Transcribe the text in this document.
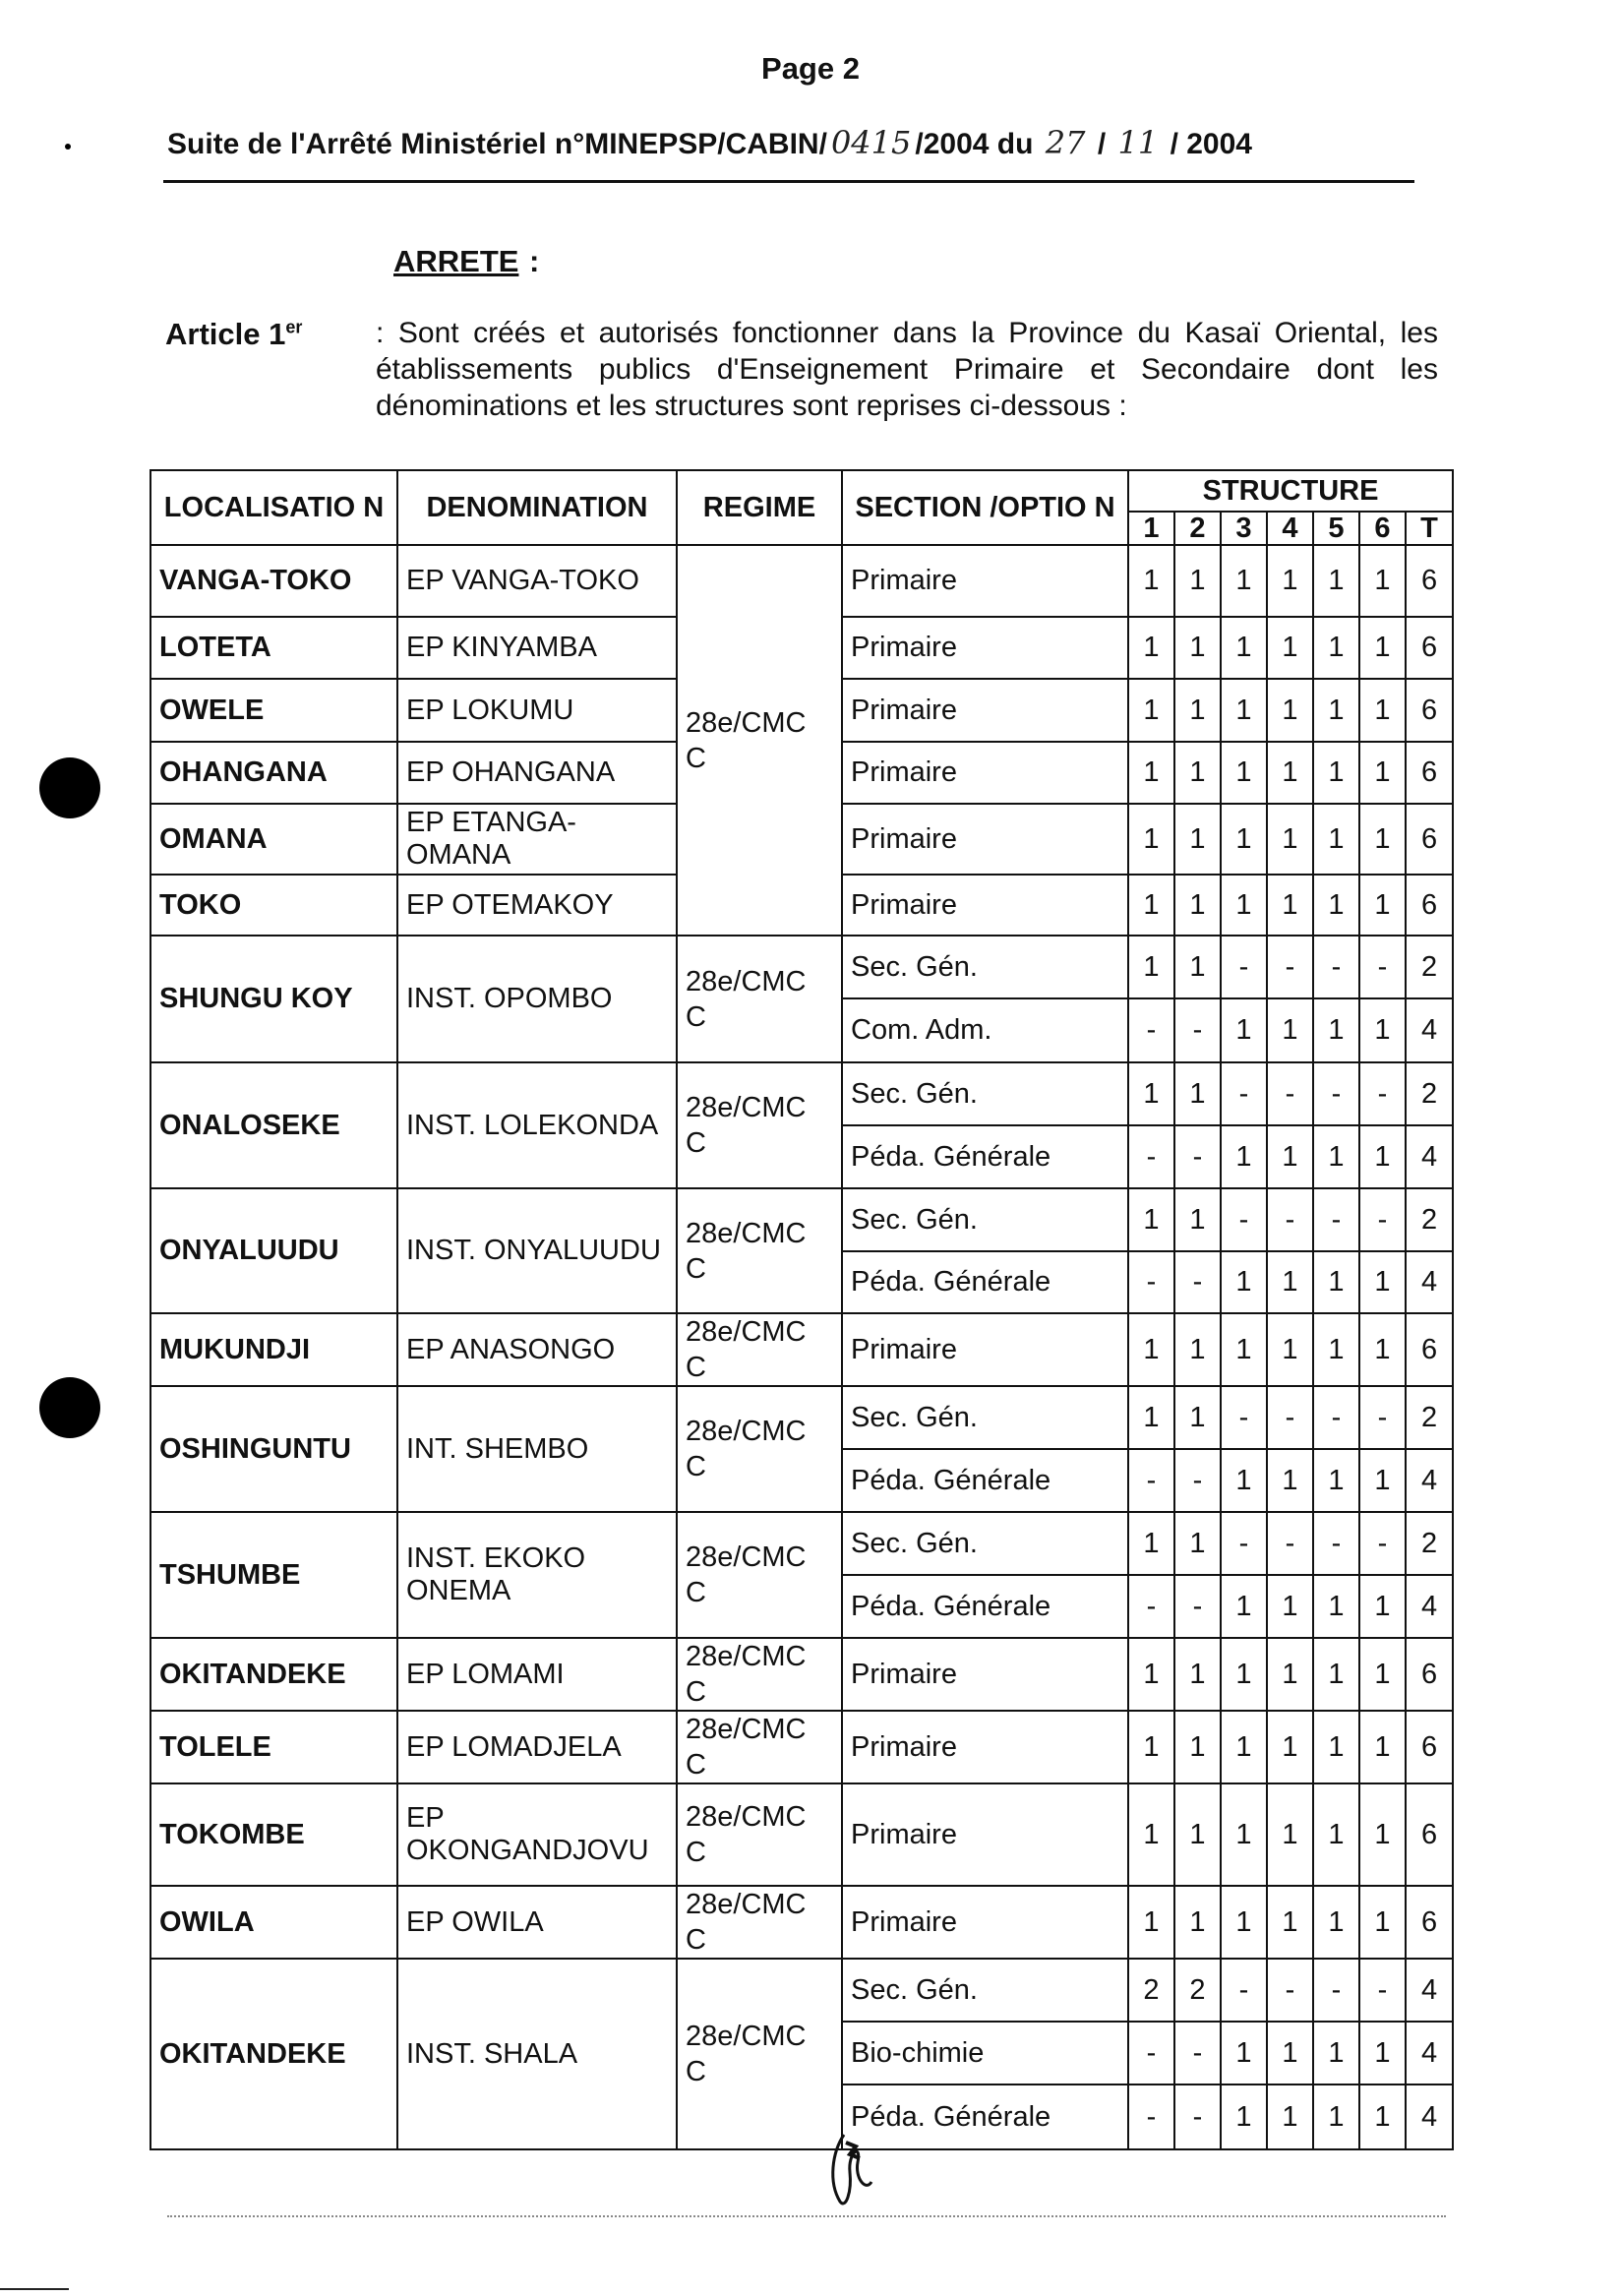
Page 2
Suite de l'Arrêté Ministériel n°MINEPSP/CABIN/ 0415 /2004 du 27 / 11 / 2004
ARRETE :
Article 1er : Sont créés et autorisés fonctionner dans la Province du Kasaï Oriental, les établissements publics d'Enseignement Primaire et Secondaire dont les dénominations et les structures sont reprises ci-dessous :
LOCALISATIO N	DENOMINATION	REGIME	SECTION /OPTIO N	STRUCTURE						
				1	2	3	4	5	6	T
VANGA-TOKO	EP VANGA-TOKO	28e/CMC C	Primaire	1	1	1	1	1	1	6
LOTETA	EP KINYAMBA		Primaire	1	1	1	1	1	1	6
OWELE	EP LOKUMU		Primaire	1	1	1	1	1	1	6
OHANGANA	EP OHANGANA		Primaire	1	1	1	1	1	1	6
OMANA	EP ETANGA-OMANA		Primaire	1	1	1	1	1	1	6
TOKO	EP OTEMAKOY		Primaire	1	1	1	1	1	1	6
SHUNGU KOY	INST. OPOMBO	28e/CMC C	Sec. Gén.	1	1	-	-	-	-	2
			Com. Adm.	-	-	1	1	1	1	4
ONALOSEKE	INST. LOLEKONDA	28e/CMC C	Sec. Gén.	1	1	-	-	-	-	2
			Péda. Générale	-	-	1	1	1	1	4
ONYALUUDU	INST. ONYALUUDU	28e/CMC C	Sec. Gén.	1	1	-	-	-	-	2
			Péda. Générale	-	-	1	1	1	1	4
MUKUNDJI	EP ANASONGO	28e/CMC C	Primaire	1	1	1	1	1	1	6
OSHINGUNTU	INT. SHEMBO	28e/CMC C	Sec. Gén.	1	1	-	-	-	-	2
			Péda. Générale	-	-	1	1	1	1	4
TSHUMBE	INST. EKOKO ONEMA	28e/CMC C	Sec. Gén.	1	1	-	-	-	-	2
			Péda. Générale	-	-	1	1	1	1	4
OKITANDEKE	EP LOMAMI	28e/CMC C	Primaire	1	1	1	1	1	1	6
TOLELE	EP LOMADJELA	28e/CMC C	Primaire	1	1	1	1	1	1	6
TOKOMBE	EP OKONGANDJOVU	28e/CMC C	Primaire	1	1	1	1	1	1	6
OWILA	EP OWILA	28e/CMC C	Primaire	1	1	1	1	1	1	6
OKITANDEKE	INST. SHALA	28e/CMC C	Sec. Gén.	2	2	-	-	-	-	4
			Bio-chimie	-	-	1	1	1	1	4
			Péda. Générale	-	-	1	1	1	1	4
